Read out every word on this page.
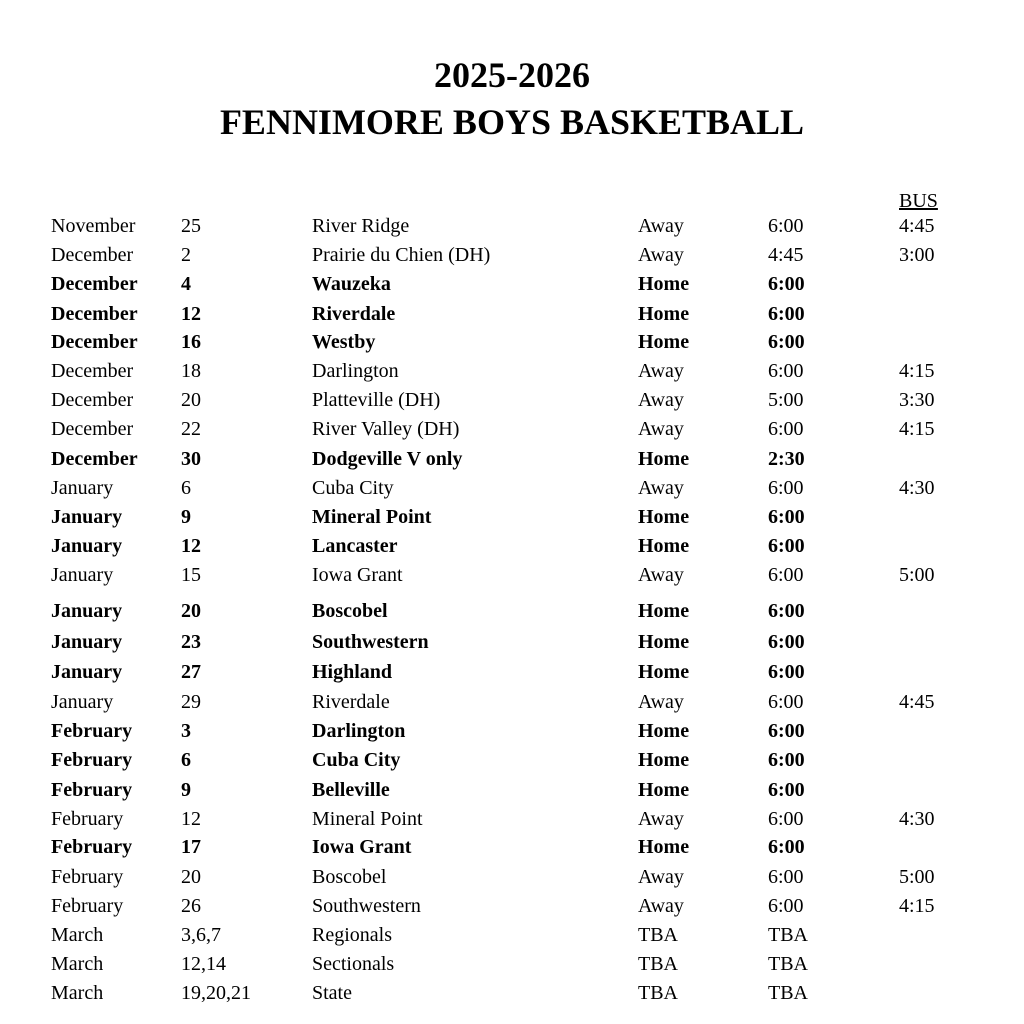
2025-2026
FENNIMORE BOYS BASKETBALL
BUS
November 25	River Ridge	Away	6:00	4:45
December 2	Prairie du Chien (DH)	Away	4:45	3:00
December 4	Wauzeka	Home	6:00
December 12	Riverdale	Home	6:00
December 16	Westby	Home	6:00
December 18	Darlington	Away	6:00	4:15
December 20	Platteville (DH)	Away	5:00	3:30
December 22	River Valley (DH)	Away	6:00	4:15
December 30	Dodgeville V only	Home	2:30
January	6	Cuba City	Away	6:00	4:30
January	9	Mineral Point	Home	6:00
January	12	Lancaster	Home	6:00
January	15	Iowa Grant	Away	6:00	5:00
January	20	Boscobel	Home	6:00
January	23	Southwestern	Home	6:00
January	27	Highland	Home	6:00
January	29	Riverdale	Away	6:00	4:45
February 3	Darlington	Home	6:00
February 6	Cuba City	Home	6:00
February 9	Belleville	Home	6:00
February	12	Mineral Point	Away	6:00	4:30
February 17	Iowa Grant	Home	6:00
February	20	Boscobel	Away	6:00	5:00
February	26	Southwestern	Away	6:00	4:15
March	3,6,7	Regionals	TBA	TBA
March	12,14	Sectionals	TBA	TBA
March	19,20,21	State	TBA	TBA
